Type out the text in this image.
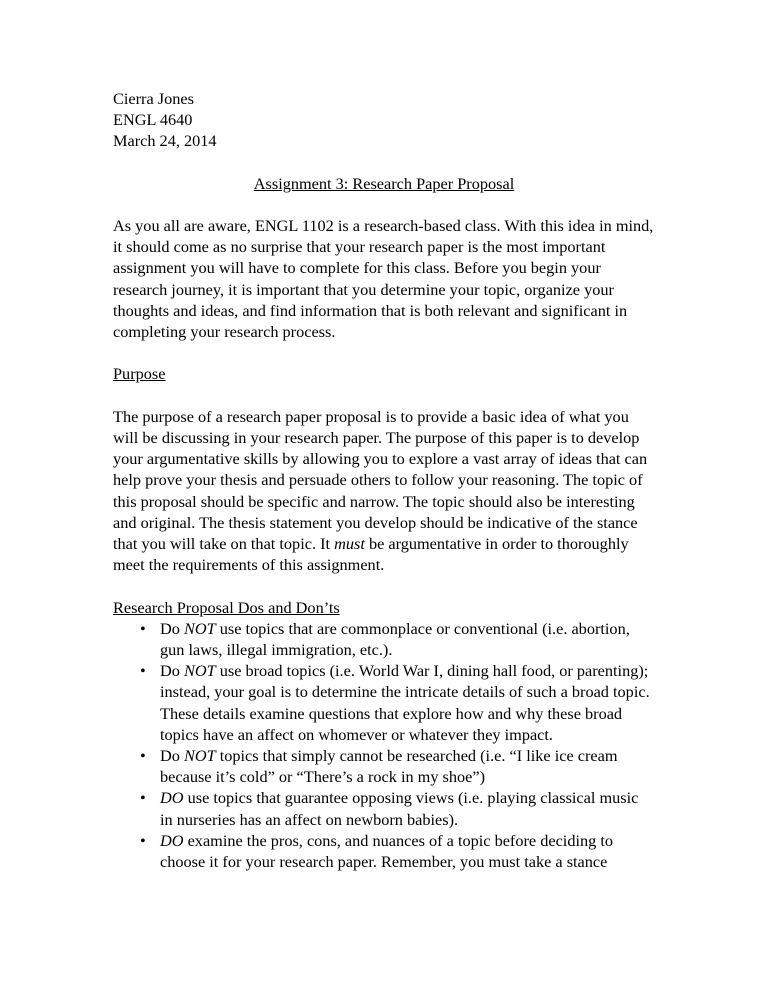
Cierra Jones
ENGL 4640
March 24, 2014
Assignment 3: Research Paper Proposal

As you all are aware, ENGL 1102 is a research-based class. With this idea in mind, it should come as no surprise that your research paper is the most important assignment you will have to complete for this class. Before you begin your research journey, it is important that you determine your topic, organize your thoughts and ideas, and find information that is both relevant and significant in completing your research process.

Purpose

The purpose of a research paper proposal is to provide a basic idea of what you will be discussing in your research paper. The purpose of this paper is to develop your argumentative skills by allowing you to explore a vast array of ideas that can help prove your thesis and persuade others to follow your reasoning. The topic of this proposal should be specific and narrow. The topic should also be interesting and original. The thesis statement you develop should be indicative of the stance that you will take on that topic. It must be argumentative in order to thoroughly meet the requirements of this assignment.

Research Proposal Dos and Don’ts
• Do NOT use topics that are commonplace or conventional (i.e. abortion, gun laws, illegal immigration, etc.).
• Do NOT use broad topics (i.e. World War I, dining hall food, or parenting); instead, your goal is to determine the intricate details of such a broad topic. These details examine questions that explore how and why these broad topics have an affect on whomever or whatever they impact.
• Do NOT topics that simply cannot be researched (i.e. “I like ice cream because it’s cold” or “There’s a rock in my shoe”)
• DO use topics that guarantee opposing views (i.e. playing classical music in nurseries has an affect on newborn babies).
• DO examine the pros, cons, and nuances of a topic before deciding to choose it for your research paper. Remember, you must take a stance
